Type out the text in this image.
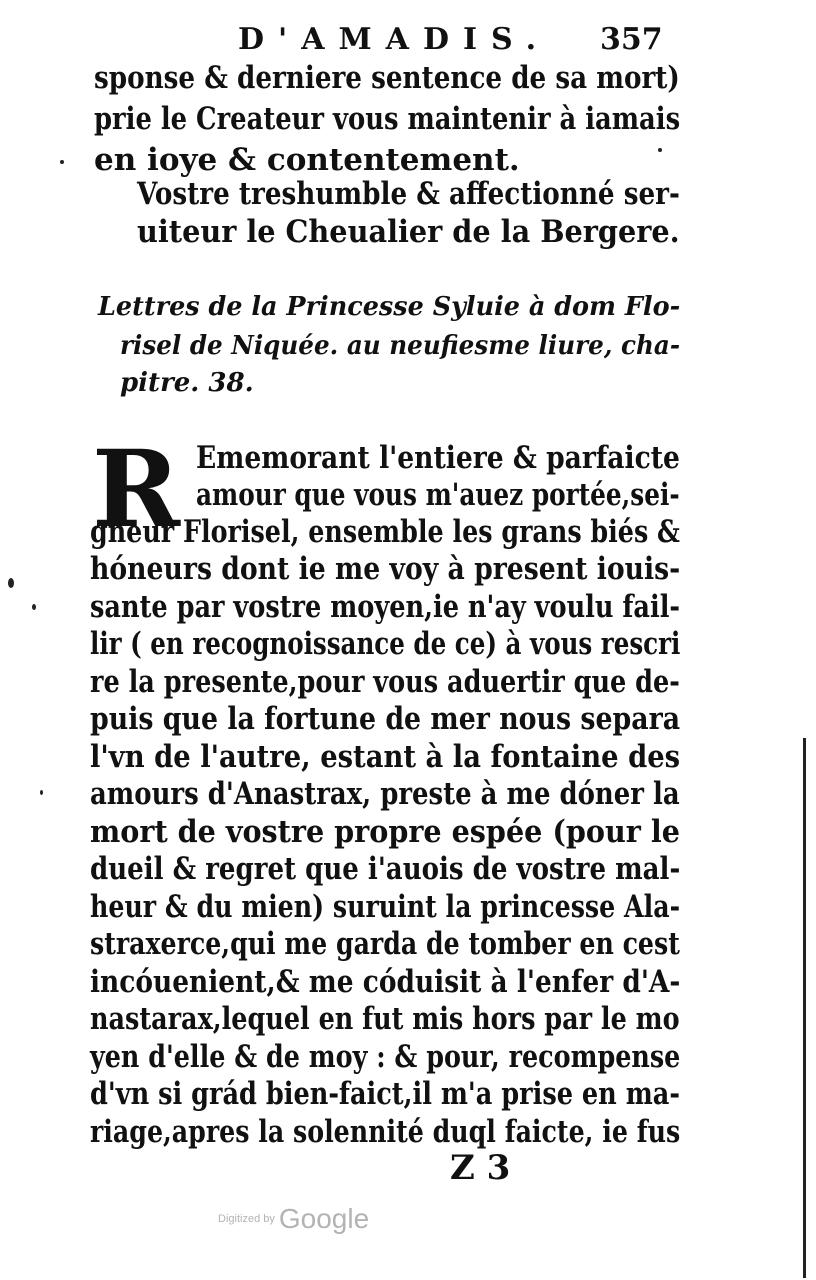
D'AMADIS. 357
sponse & derniere sentence de sa mort)
prie le Createur vous maintenir à iamais
en ioye & contentement.
Vostre treshumble & affectionné ser-
uiteur le Cheualier de la Bergere.
Lettres de la Princesse Syluie à dom Flo-
risel de Niquée. au neufiesme liure, cha-
pitre. 38.
R Ememorant l'entiere & parfaicte
amour que vous m'auez portée,sei-
gneur Florisel, ensemble les grans biés &
hóneurs dont ie me voy à present iouis-
sante par vostre moyen,ie n'ay voulu fail-
lir ( en recognoissance de ce) à vous rescri
re la presente,pour vous aduertir que de-
puis que la fortune de mer nous separa
l'vn de l'autre, estant à la fontaine des
amours d'Anastrax, preste à me dóner la
mort de vostre propre espée (pour le
dueil & regret que i'auois de vostre mal-
heur & du mien) suruint la princesse Ala-
straxerce,qui me garda de tomber en cest
incóuenient,& me códuisit à l'enfer d'A-
nastarax,lequel en fut mis hors par le mo
yen d'elle & de moy : & pour, recompense
d'vn si grád bien-faict,il m'a prise en ma-
riage,apres la solennité duql faicte, ie fus
Z 3
Digitized by Google
